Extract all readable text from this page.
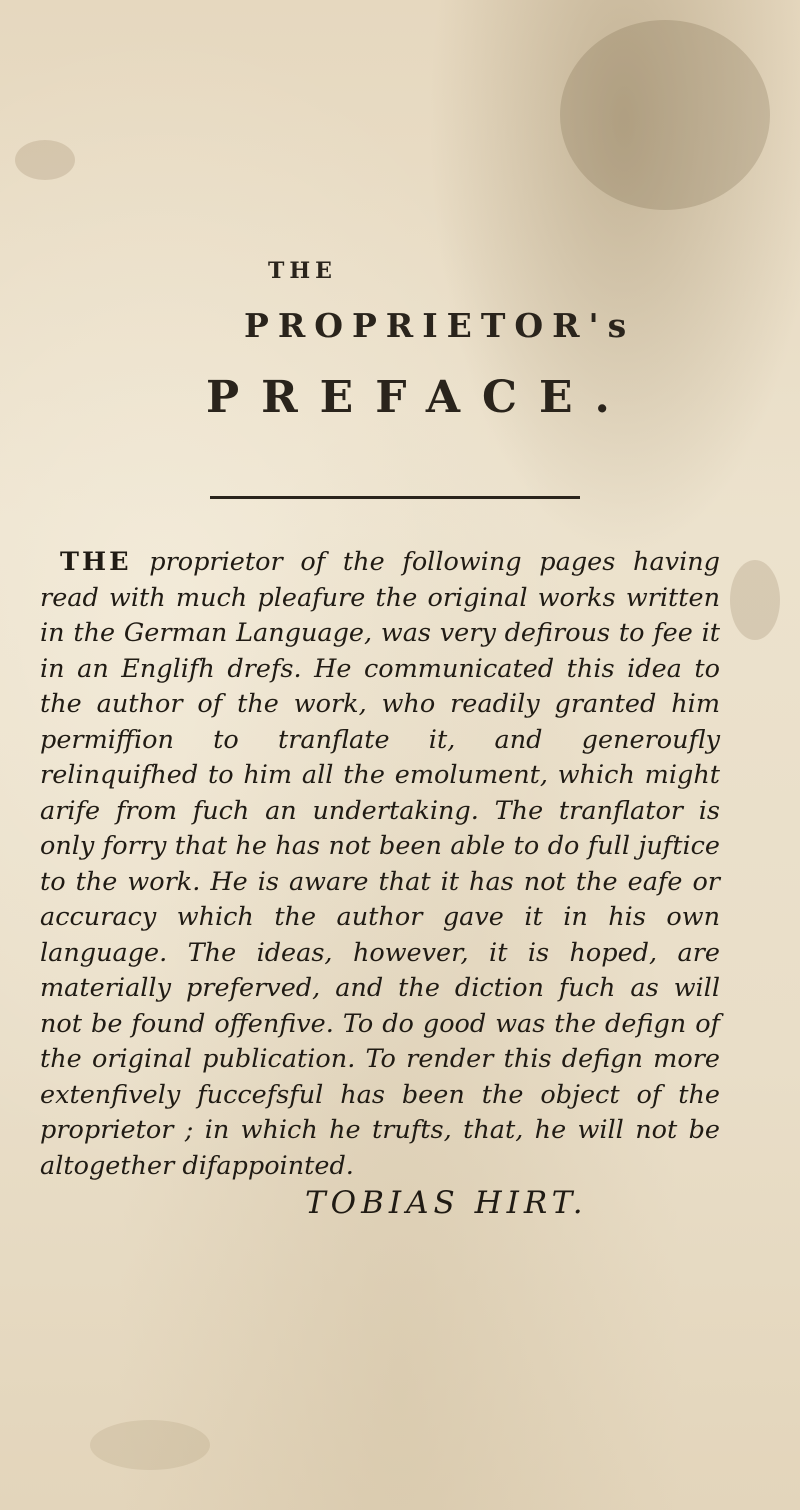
THE
PROPRIETOR's
PREFACE.

THE proprietor of the following pages having read with much pleafure the original works written in the German Language, was very defirous to fee it in an Englifh drefs. He communicated this idea to the author of the work, who readily granted him permiffion to tranflate it, and generoufly relinquifhed to him all the emolument, which might arife from fuch an undertaking. The tranflator is only forry that he has not been able to do full juftice to the work. He is aware that it has not the eafe or accuracy which the author gave it in his own language. The ideas, however, it is hoped, are materially preferved, and the diction fuch as will not be found offenfive. To do good was the defign of the original publication. To render this defign more extenfively fuccefsful has been the object of the proprietor ; in which he trufts, that, he will not be altogether difappointed.

TOBIAS HIRT.
